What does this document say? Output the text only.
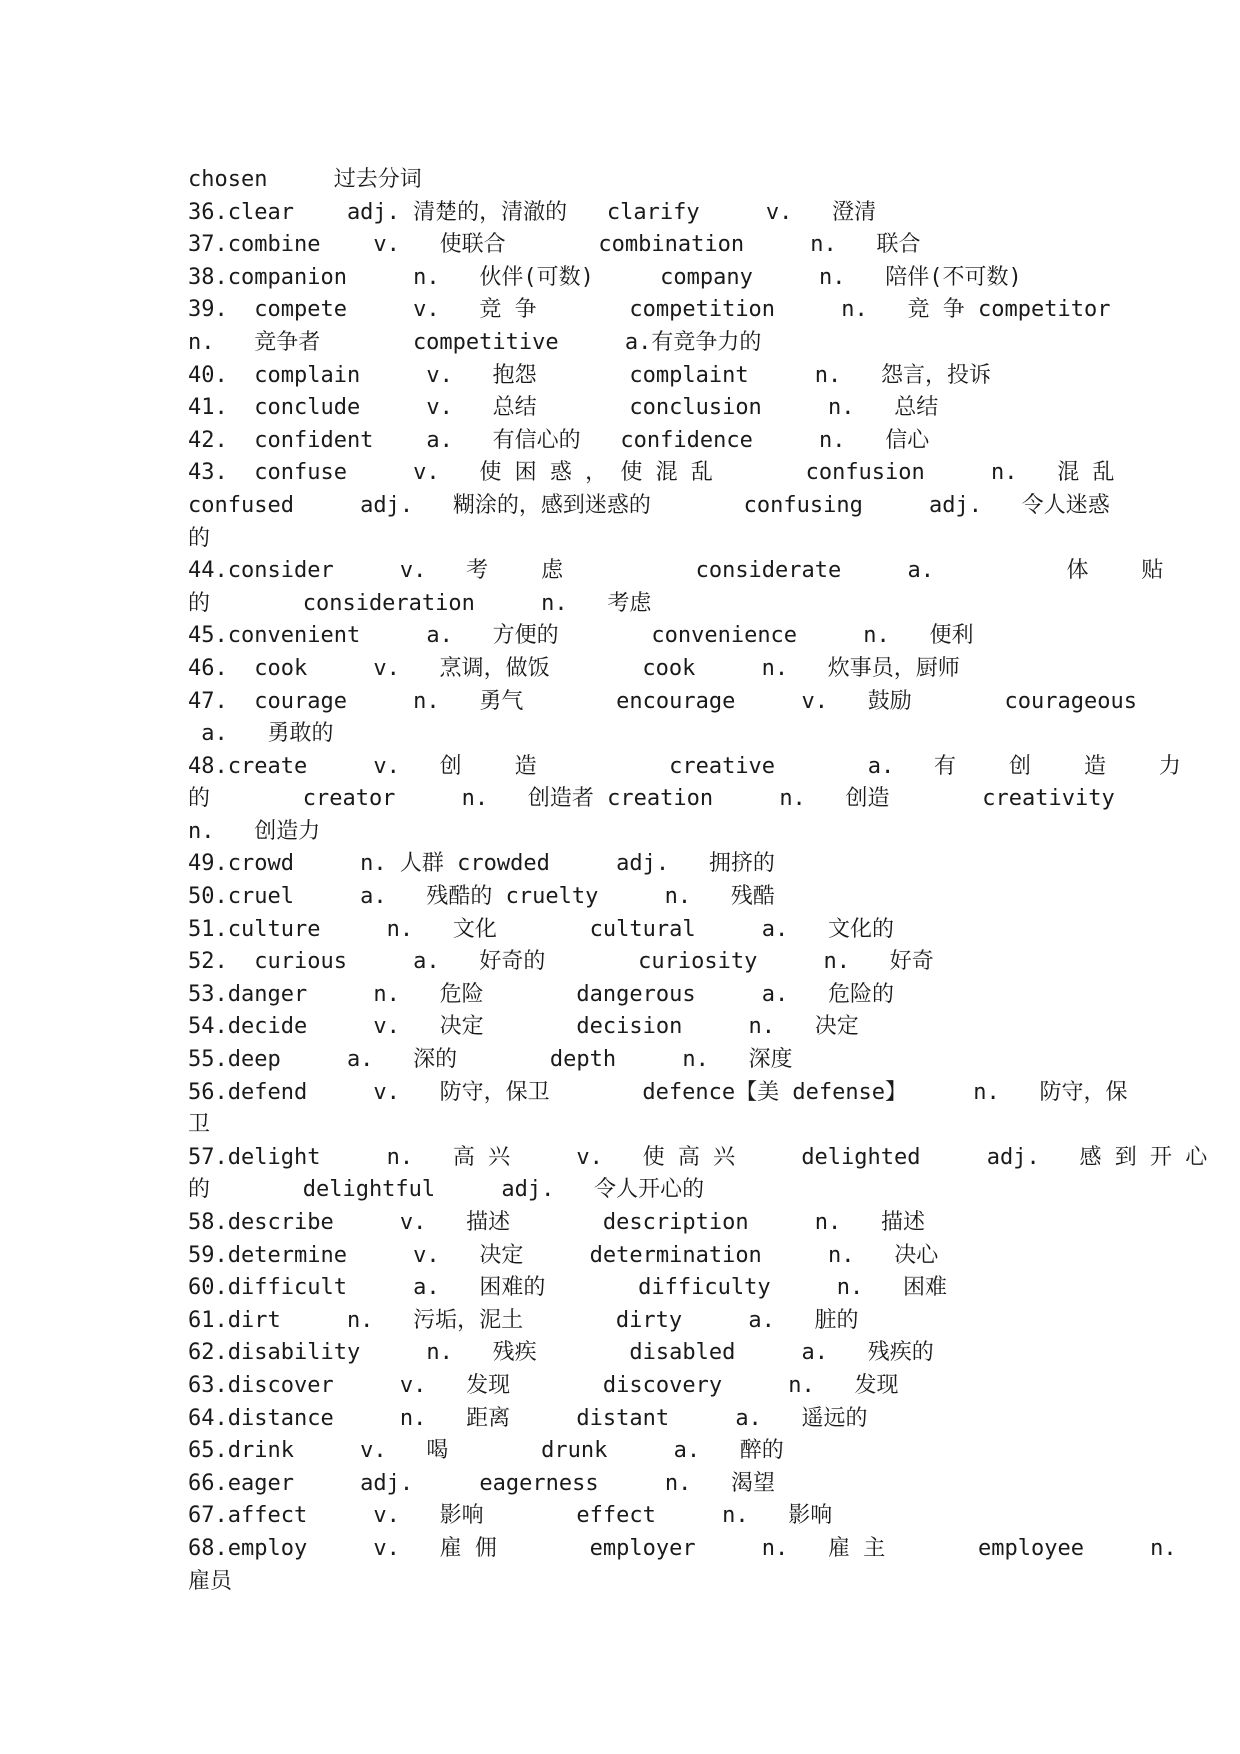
chosen     过去分词
36.clear    adj. 清楚的，清澈的   clarify     v.   澄清
37.combine    v.   使联合       combination     n.   联合
38.companion     n.   伙伴(可数)     company     n.   陪伴(不可数)
39.  compete     v.   竞 争       competition     n.   竞 争 competitor
n.   竞争者       competitive     a.有竞争力的
40.  complain     v.   抱怨       complaint     n.   怨言，投诉
41.  conclude     v.   总结       conclusion     n.   总结
42.  confident    a.   有信心的   confidence     n.   信心
43.  confuse     v.   使 困 惑 ， 使 混 乱       confusion     n.   混 乱
confused     adj.   糊涂的，感到迷惑的       confusing     adj.   令人迷惑
的
44.consider     v.   考    虑          considerate     a.          体    贴
的       consideration     n.   考虑
45.convenient     a.   方便的       convenience     n.   便利
46.  cook     v.   烹调，做饭       cook     n.   炊事员，厨师
47.  courage     n.   勇气       encourage     v.   鼓励       courageous
a.   勇敢的
48.create     v.   创    造          creative       a.   有    创    造    力
的       creator     n.   创造者 creation     n.   创造       creativity
n.   创造力
49.crowd     n. 人群 crowded     adj.   拥挤的
50.cruel     a.   残酷的 cruelty     n.   残酷
51.culture     n.   文化       cultural     a.   文化的
52.  curious     a.   好奇的       curiosity     n.   好奇
53.danger     n.   危险       dangerous     a.   危险的
54.decide     v.   决定       decision     n.   决定
55.deep     a.   深的       depth     n.   深度
56.defend     v.   防守，保卫       defence【美 defense】     n.   防守，保
卫
57.delight     n.   高 兴     v.   使 高 兴     delighted     adj.   感 到 开 心
的       delightful     adj.   令人开心的
58.describe     v.   描述       description     n.   描述
59.determine     v.   决定     determination     n.   决心
60.difficult     a.   困难的       difficulty     n.   困难
61.dirt     n.   污垢，泥土       dirty     a.   脏的
62.disability     n.   残疾       disabled     a.   残疾的
63.discover     v.   发现       discovery     n.   发现
64.distance     n.   距离     distant     a.   遥远的
65.drink     v.   喝       drunk     a.   醉的
66.eager     adj.     eagerness     n.   渴望
67.affect     v.   影响       effect     n.   影响
68.employ     v.   雇 佣       employer     n.   雇 主       employee     n.
雇员
